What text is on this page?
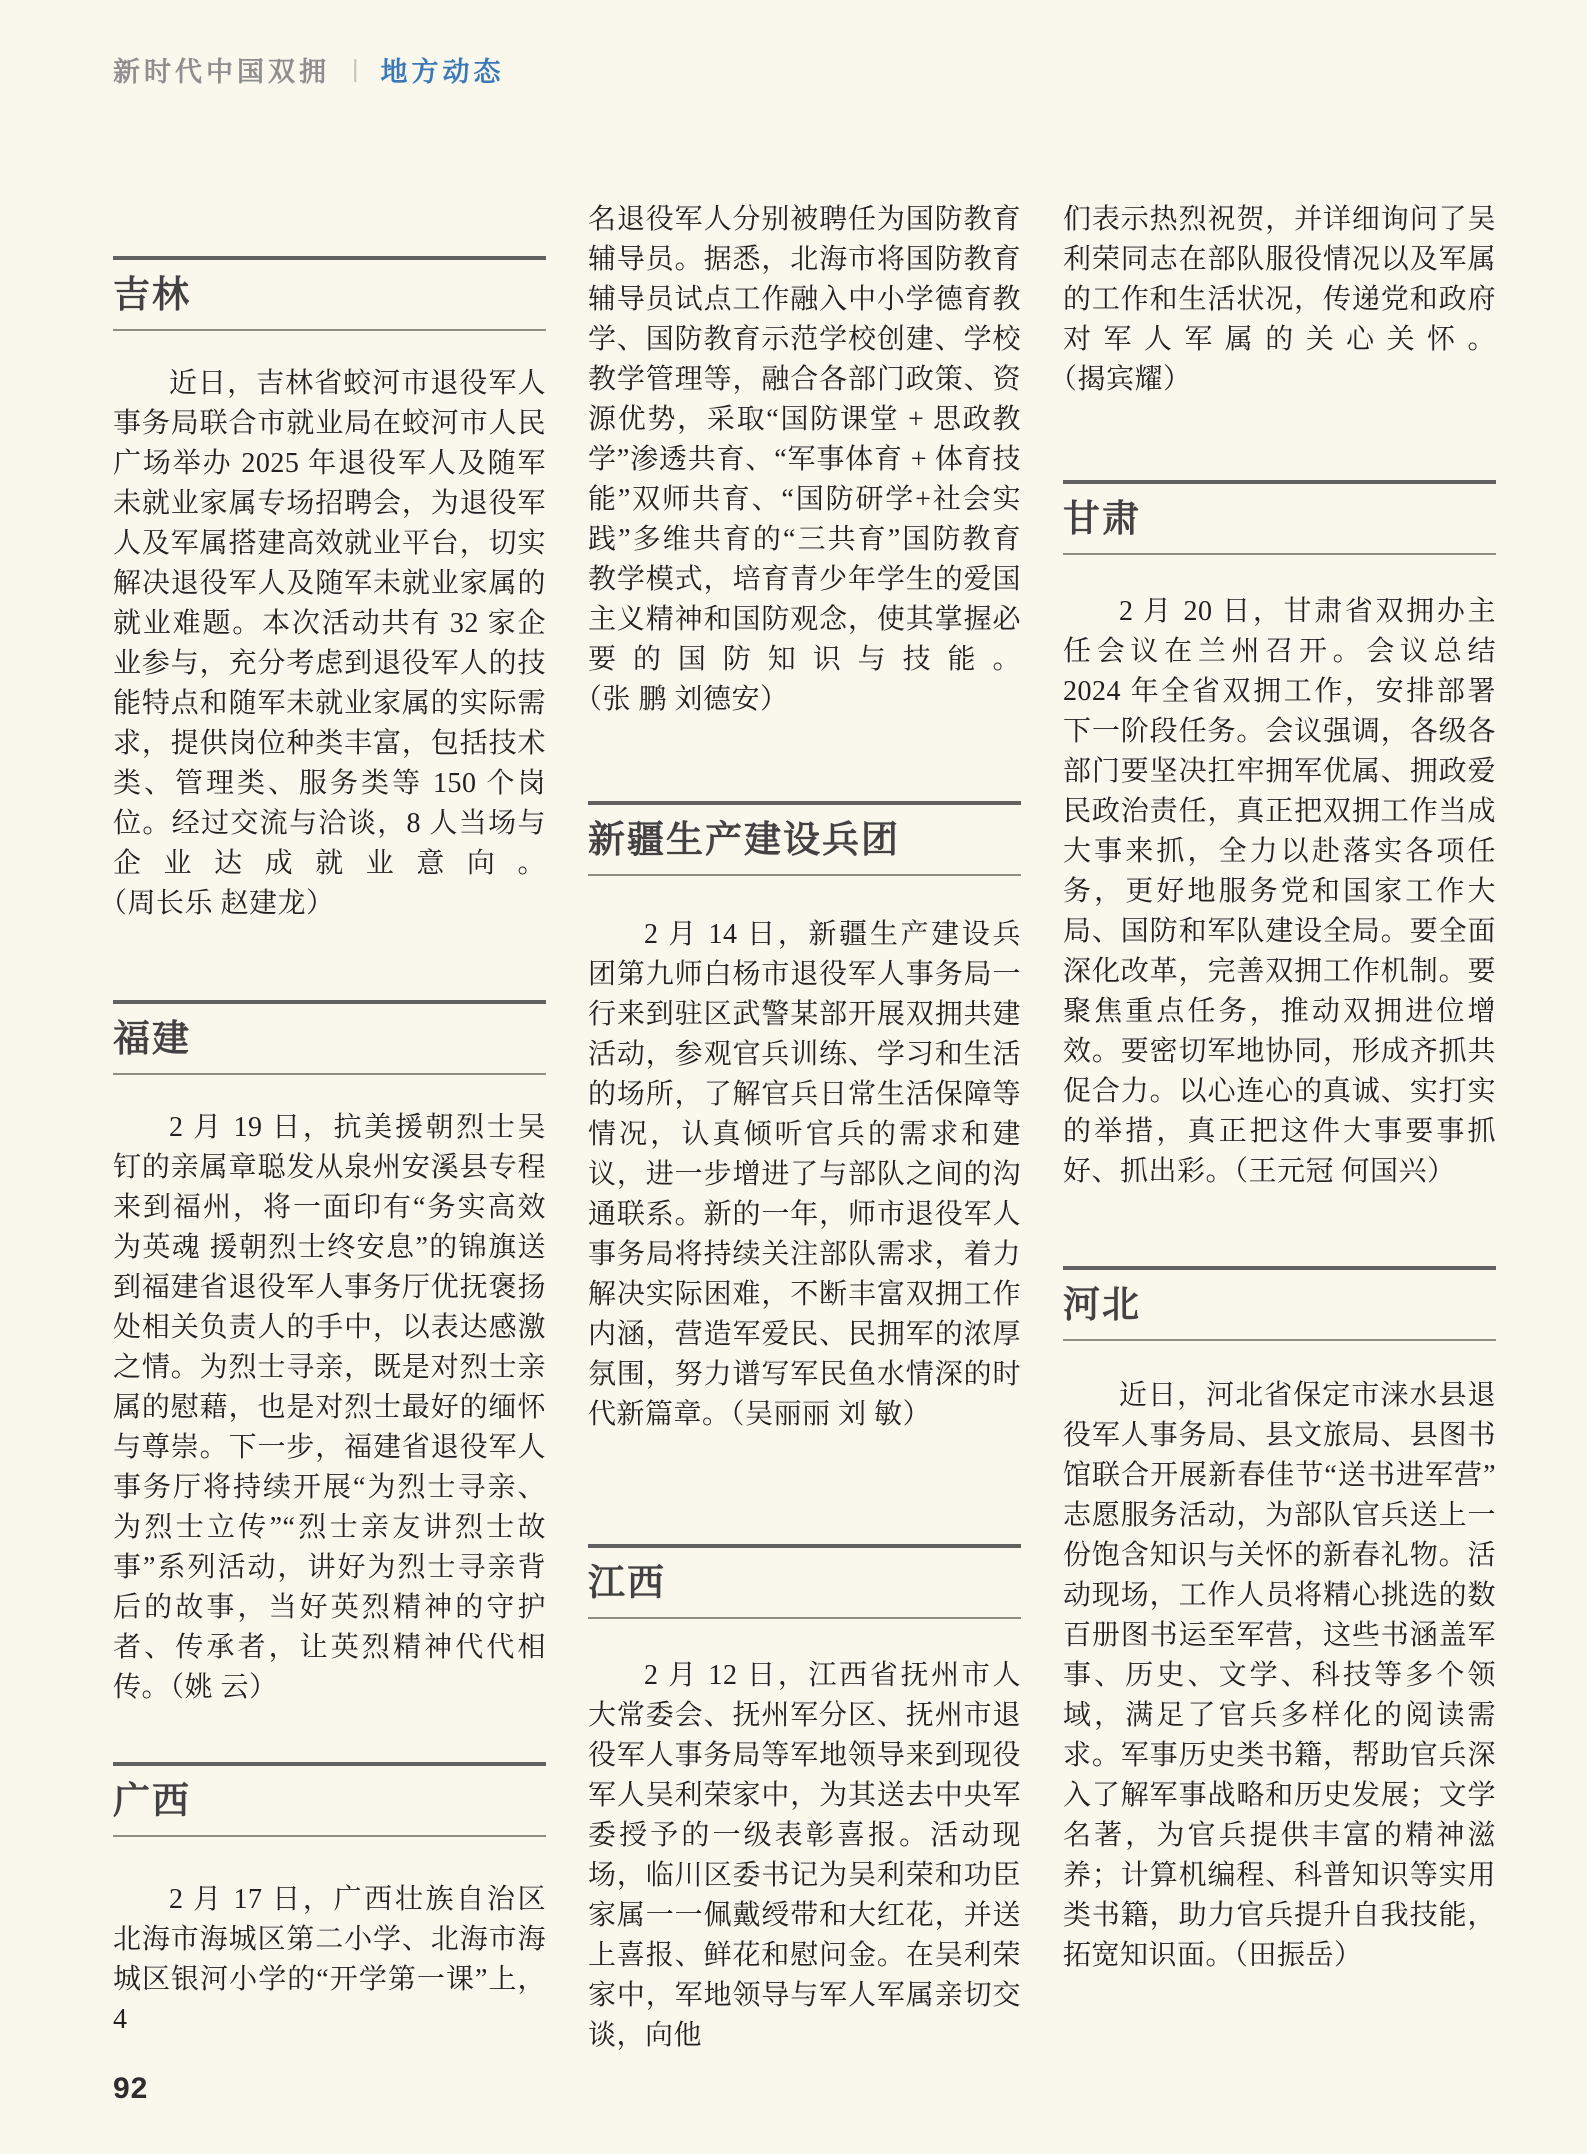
新时代中国双拥 | 地方动态
吉林

近日，吉林省蛟河市退役军人事务局联合市就业局在蛟河市人民广场举办 2025 年退役军人及随军未就业家属专场招聘会，为退役军人及军属搭建高效就业平台，切实解决退役军人及随军未就业家属的就业难题。本次活动共有 32 家企业参与，充分考虑到退役军人的技能特点和随军未就业家属的实际需求，提供岗位种类丰富，包括技术类、管理类、服务类等 150 个岗位。经过交流与洽谈，8 人当场与企业达成就业意向。（周长乐 赵建龙）

福建

2 月 19 日，抗美援朝烈士吴钉的亲属章聪发从泉州安溪县专程来到福州，将一面印有“务实高效为英魂 援朝烈士终安息”的锦旗送到福建省退役军人事务厅优抚褒扬处相关负责人的手中，以表达感激之情。为烈士寻亲，既是对烈士亲属的慰藉，也是对烈士最好的缅怀与尊崇。下一步，福建省退役军人事务厅将持续开展“为烈士寻亲、为烈士立传”“烈士亲友讲烈士故事”系列活动，讲好为烈士寻亲背后的故事，当好英烈精神的守护者、传承者，让英烈精神代代相传。（姚 云）

广西

2 月 17 日，广西壮族自治区北海市海城区第二小学、北海市海城区银河小学的“开学第一课”上，4

名退役军人分别被聘任为国防教育辅导员。据悉，北海市将国防教育辅导员试点工作融入中小学德育教学、国防教育示范学校创建、学校教学管理等，融合各部门政策、资源优势，采取“国防课堂 + 思政教学”渗透共育、“军事体育 + 体育技能”双师共育、“国防研学+社会实践”多维共育的“三共育”国防教育教学模式，培育青少年学生的爱国主义精神和国防观念，使其掌握必要的国防知识与技能。（张 鹏 刘德安）

新疆生产建设兵团

2 月 14 日，新疆生产建设兵团第九师白杨市退役军人事务局一行来到驻区武警某部开展双拥共建活动，参观官兵训练、学习和生活的场所，了解官兵日常生活保障等情况，认真倾听官兵的需求和建议，进一步增进了与部队之间的沟通联系。新的一年，师市退役军人事务局将持续关注部队需求，着力解决实际困难，不断丰富双拥工作内涵，营造军爱民、民拥军的浓厚氛围，努力谱写军民鱼水情深的时代新篇章。（吴丽丽 刘 敏）

江西

2 月 12 日，江西省抚州市人大常委会、抚州军分区、抚州市退役军人事务局等军地领导来到现役军人吴利荣家中，为其送去中央军委授予的一级表彰喜报。活动现场，临川区委书记为吴利荣和功臣家属一一佩戴绶带和大红花，并送上喜报、鲜花和慰问金。在吴利荣家中，军地领导与军人军属亲切交谈，向他

们表示热烈祝贺，并详细询问了吴利荣同志在部队服役情况以及军属的工作和生活状况，传递党和政府对军人军属的关心关怀。（揭宾耀）

甘肃

2 月 20 日，甘肃省双拥办主任会议在兰州召开。会议总结 2024 年全省双拥工作，安排部署下一阶段任务。会议强调，各级各部门要坚决扛牢拥军优属、拥政爱民政治责任，真正把双拥工作当成大事来抓，全力以赴落实各项任务，更好地服务党和国家工作大局、国防和军队建设全局。要全面深化改革，完善双拥工作机制。要聚焦重点任务，推动双拥进位增效。要密切军地协同，形成齐抓共促合力。以心连心的真诚、实打实的举措，真正把这件大事要事抓好、抓出彩。（王元冠 何国兴）

河北

近日，河北省保定市涞水县退役军人事务局、县文旅局、县图书馆联合开展新春佳节“送书进军营”志愿服务活动，为部队官兵送上一份饱含知识与关怀的新春礼物。活动现场，工作人员将精心挑选的数百册图书运至军营，这些书涵盖军事、历史、文学、科技等多个领域，满足了官兵多样化的阅读需求。军事历史类书籍，帮助官兵深入了解军事战略和历史发展；文学名著，为官兵提供丰富的精神滋养；计算机编程、科普知识等实用类书籍，助力官兵提升自我技能，拓宽知识面。（田振岳）

92
